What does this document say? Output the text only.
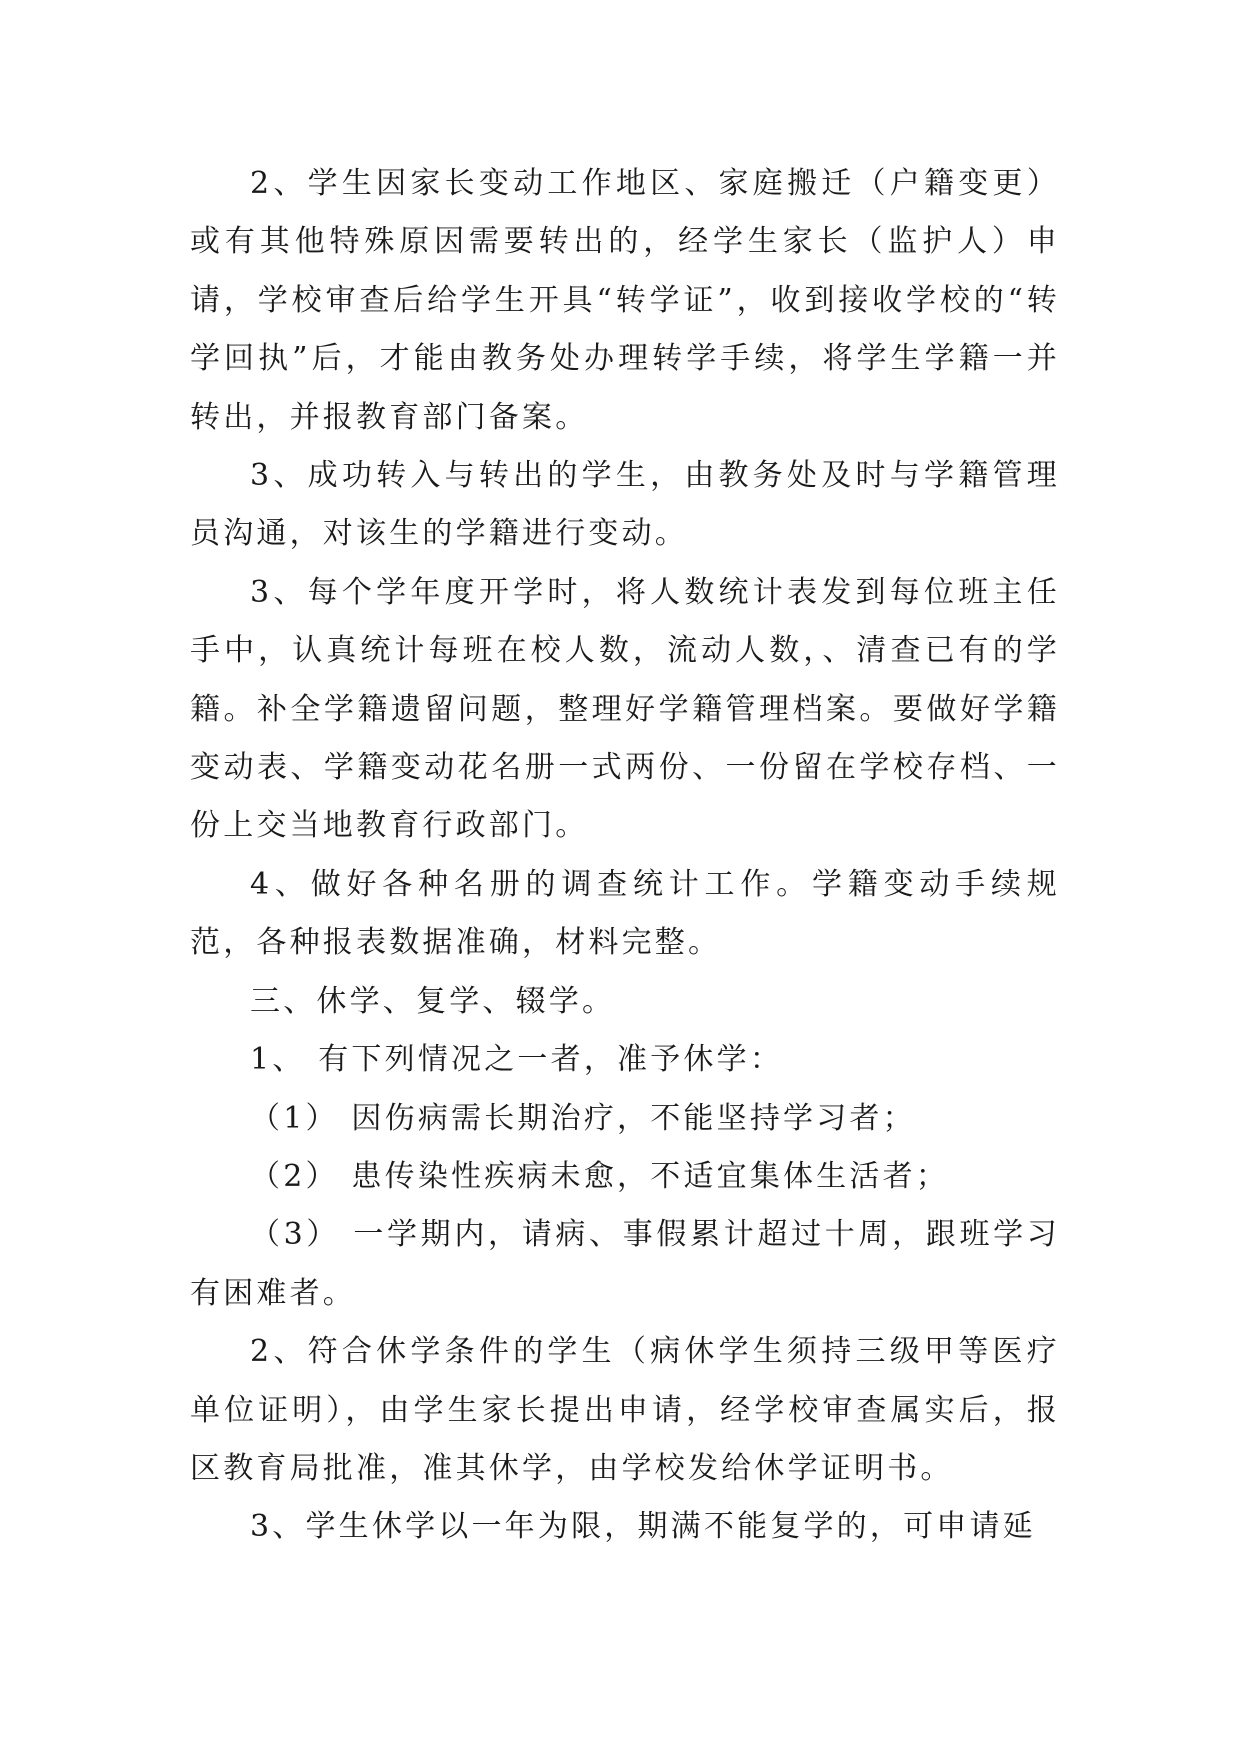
2、学生因家长变动工作地区、家庭搬迁（户籍变更）或有其他特殊原因需要转出的，经学生家长（监护人）申请，学校审查后给学生开具“转学证”，收到接收学校的“转学回执”后，才能由教务处办理转学手续，将学生学籍一并转出，并报教育部门备案。

3、成功转入与转出的学生，由教务处及时与学籍管理员沟通，对该生的学籍进行变动。

3、每个学年度开学时，将人数统计表发到每位班主任手中，认真统计每班在校人数，流动人数，、清查已有的学籍。补全学籍遗留问题，整理好学籍管理档案。要做好学籍变动表、学籍变动花名册一式两份、一份留在学校存档、一份上交当地教育行政部门。

4、做好各种名册的调查统计工作。学籍变动手续规范，各种报表数据准确，材料完整。

三、休学、复学、辍学。

1、 有下列情况之一者，准予休学：

（1） 因伤病需长期治疗，不能坚持学习者；

（2） 患传染性疾病未愈，不适宜集体生活者；

（3） 一学期内，请病、事假累计超过十周，跟班学习有困难者。

2、符合休学条件的学生（病休学生须持三级甲等医疗单位证明），由学生家长提出申请，经学校审查属实后，报区教育局批准，准其休学，由学校发给休学证明书。

3、学生休学以一年为限，期满不能复学的，可申请延
